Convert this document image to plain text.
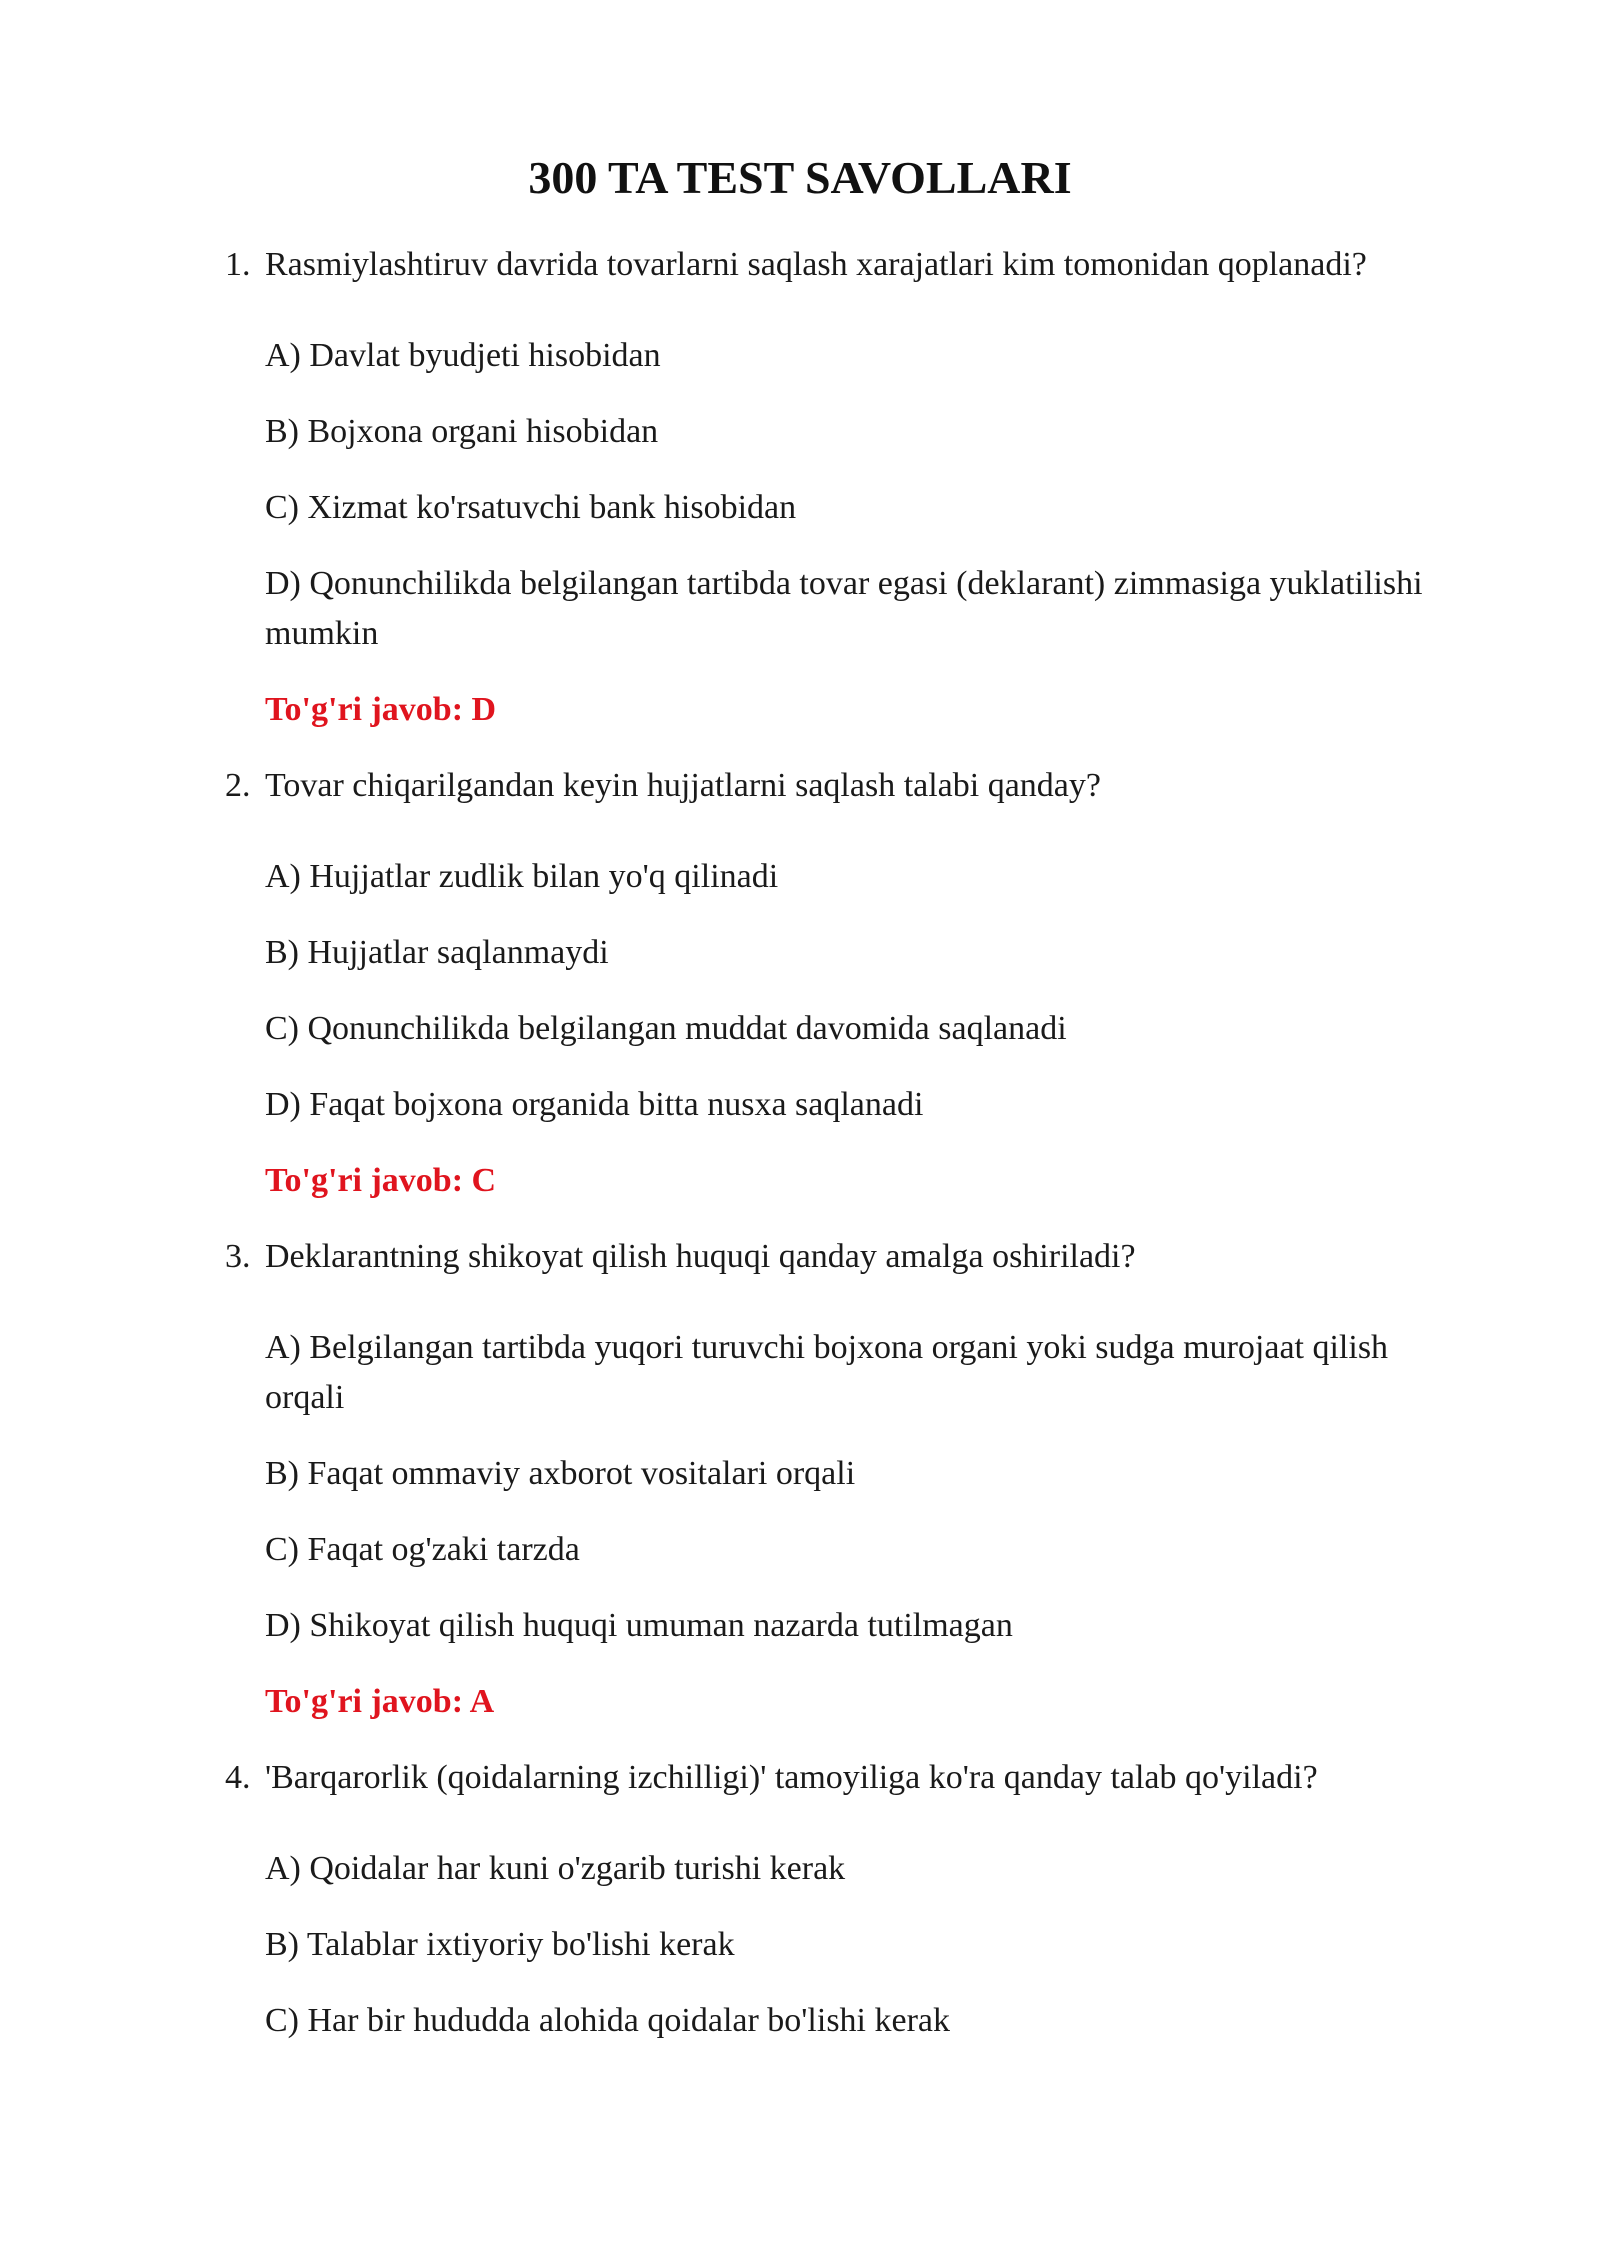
300 TA TEST SAVOLLARI
1. Rasmiylashtiruv davrida tovarlarni saqlash xarajatlari kim tomonidan qoplanadi?
A) Davlat byudjeti hisobidan
B) Bojxona organi hisobidan
C) Xizmat ko'rsatuvchi bank hisobidan
D) Qonunchilikda belgilangan tartibda tovar egasi (deklarant) zimmasiga yuklatilishi mumkin
To'g'ri javob: D
2. Tovar chiqarilgandan keyin hujjatlarni saqlash talabi qanday?
A) Hujjatlar zudlik bilan yo'q qilinadi
B) Hujjatlar saqlanmaydi
C) Qonunchilikda belgilangan muddat davomida saqlanadi
D) Faqat bojxona organida bitta nusxa saqlanadi
To'g'ri javob: C
3. Deklarantning shikoyat qilish huquqi qanday amalga oshiriladi?
A) Belgilangan tartibda yuqori turuvchi bojxona organi yoki sudga murojaat qilish orqali
B) Faqat ommaviy axborot vositalari orqali
C) Faqat og'zaki tarzda
D) Shikoyat qilish huquqi umuman nazarda tutilmagan
To'g'ri javob: A
4. 'Barqarorlik (qoidalarning izchilligi)' tamoyiliga ko'ra qanday talab qo'yiladi?
A) Qoidalar har kuni o'zgarib turishi kerak
B) Talablar ixtiyoriy bo'lishi kerak
C) Har bir hududda alohida qoidalar bo'lishi kerak
